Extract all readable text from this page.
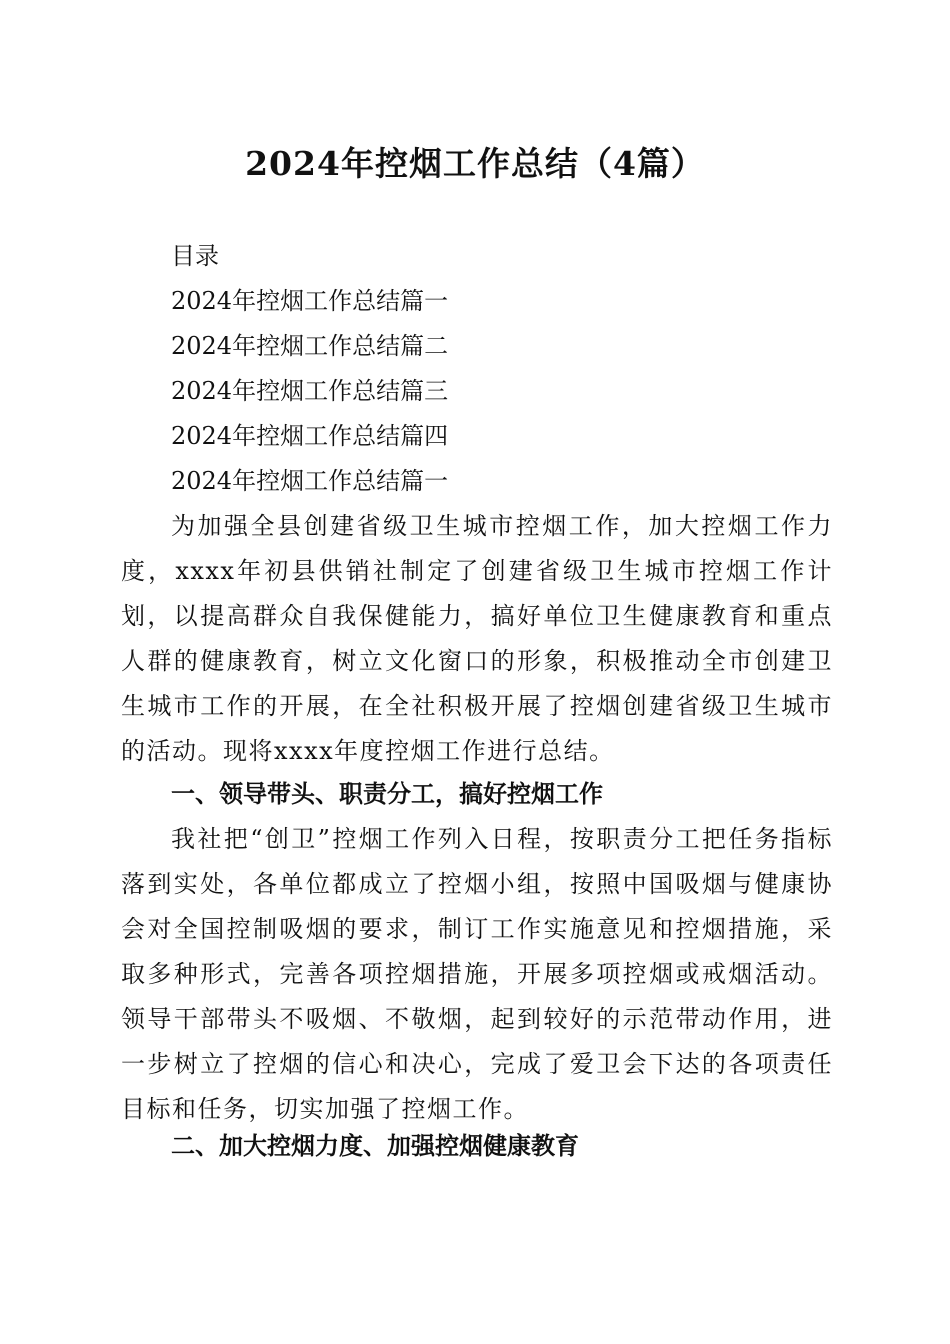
2024年控烟工作总结（4篇）
目录
2024年控烟工作总结篇一
2024年控烟工作总结篇二
2024年控烟工作总结篇三
2024年控烟工作总结篇四
2024年控烟工作总结篇一

为加强全县创建省级卫生城市控烟工作，加大控烟工作力度，xxxx年初县供销社制定了创建省级卫生城市控烟工作计划，以提高群众自我保健能力，搞好单位卫生健康教育和重点人群的健康教育，树立文化窗口的形象，积极推动全市创建卫生城市工作的开展，在全社积极开展了控烟创建省级卫生城市的活动。现将xxxx年度控烟工作进行总结。

一、领导带头、职责分工，搞好控烟工作

我社把“创卫”控烟工作列入日程，按职责分工把任务指标落到实处，各单位都成立了控烟小组，按照中国吸烟与健康协会对全国控制吸烟的要求，制订工作实施意见和控烟措施，采取多种形式，完善各项控烟措施，开展多项控烟或戒烟活动。领导干部带头不吸烟、不敬烟，起到较好的示范带动作用，进一步树立了控烟的信心和决心，完成了爱卫会下达的各项责任目标和任务，切实加强了控烟工作。

二、加大控烟力度、加强控烟健康教育
